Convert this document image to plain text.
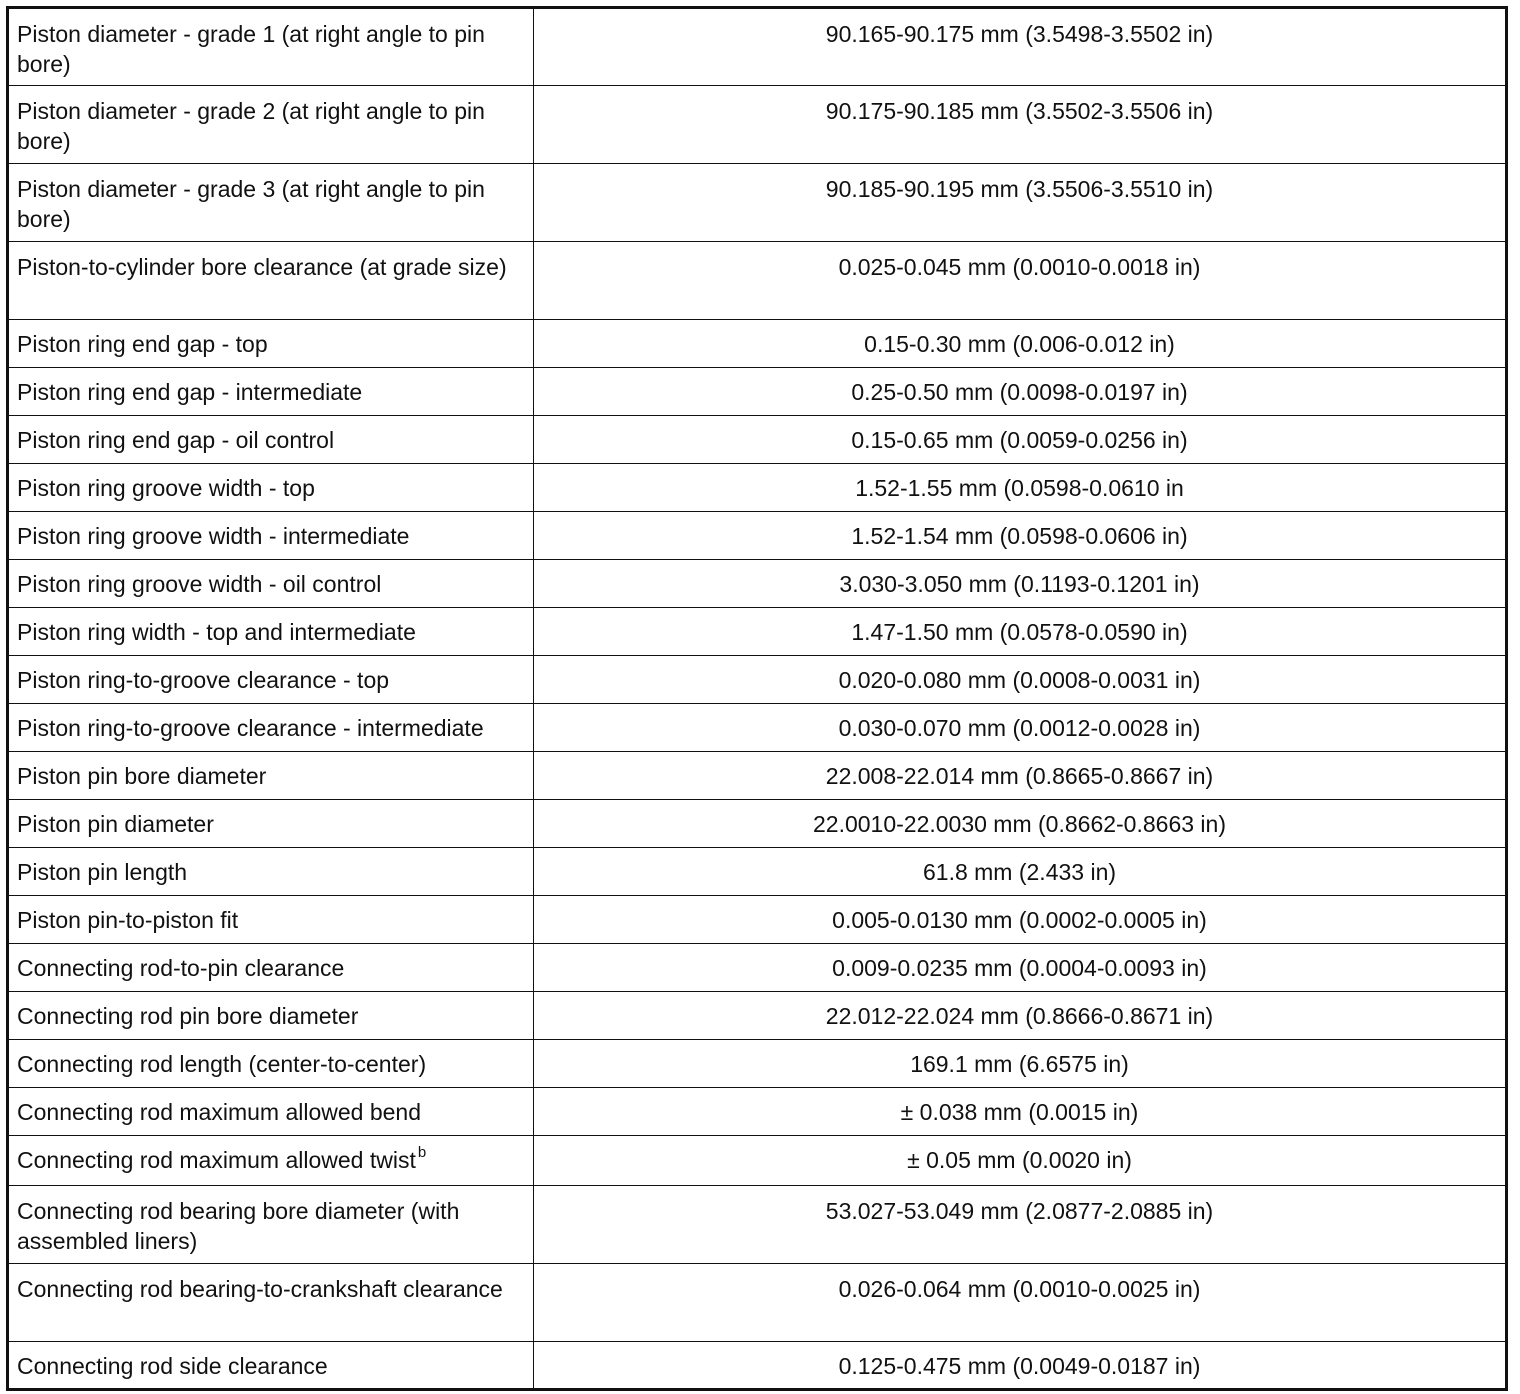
Piston diameter - grade 1 (at right angle to pin bore)	90.165-90.175 mm (3.5498-3.5502 in)
Piston diameter - grade 2 (at right angle to pin bore)	90.175-90.185 mm (3.5502-3.5506 in)
Piston diameter - grade 3 (at right angle to pin bore)	90.185-90.195 mm (3.5506-3.5510 in)
Piston-to-cylinder bore clearance (at grade size)	0.025-0.045 mm (0.0010-0.0018 in)
Piston ring end gap - top	0.15-0.30 mm (0.006-0.012 in)
Piston ring end gap - intermediate	0.25-0.50 mm (0.0098-0.0197 in)
Piston ring end gap - oil control	0.15-0.65 mm (0.0059-0.0256 in)
Piston ring groove width - top	1.52-1.55 mm (0.0598-0.0610 in
Piston ring groove width - intermediate	1.52-1.54 mm (0.0598-0.0606 in)
Piston ring groove width - oil control	3.030-3.050 mm (0.1193-0.1201 in)
Piston ring width - top and intermediate	1.47-1.50 mm (0.0578-0.0590 in)
Piston ring-to-groove clearance - top	0.020-0.080 mm (0.0008-0.0031 in)
Piston ring-to-groove clearance - intermediate	0.030-0.070 mm (0.0012-0.0028 in)
Piston pin bore diameter	22.008-22.014 mm (0.8665-0.8667 in)
Piston pin diameter	22.0010-22.0030 mm (0.8662-0.8663 in)
Piston pin length	61.8 mm (2.433 in)
Piston pin-to-piston fit	0.005-0.0130 mm (0.0002-0.0005 in)
Connecting rod-to-pin clearance	0.009-0.0235 mm (0.0004-0.0093 in)
Connecting rod pin bore diameter	22.012-22.024 mm (0.8666-0.8671 in)
Connecting rod length (center-to-center)	169.1 mm (6.6575 in)
Connecting rod maximum allowed bend	± 0.038 mm (0.0015 in)
Connecting rod maximum allowed twist $^b$	± 0.05 mm (0.0020 in)
Connecting rod bearing bore diameter (with assembled liners)	53.027-53.049 mm (2.0877-2.0885 in)
Connecting rod bearing-to-crankshaft clearance	0.026-0.064 mm (0.0010-0.0025 in)
Connecting rod side clearance	0.125-0.475 mm (0.0049-0.0187 in)
